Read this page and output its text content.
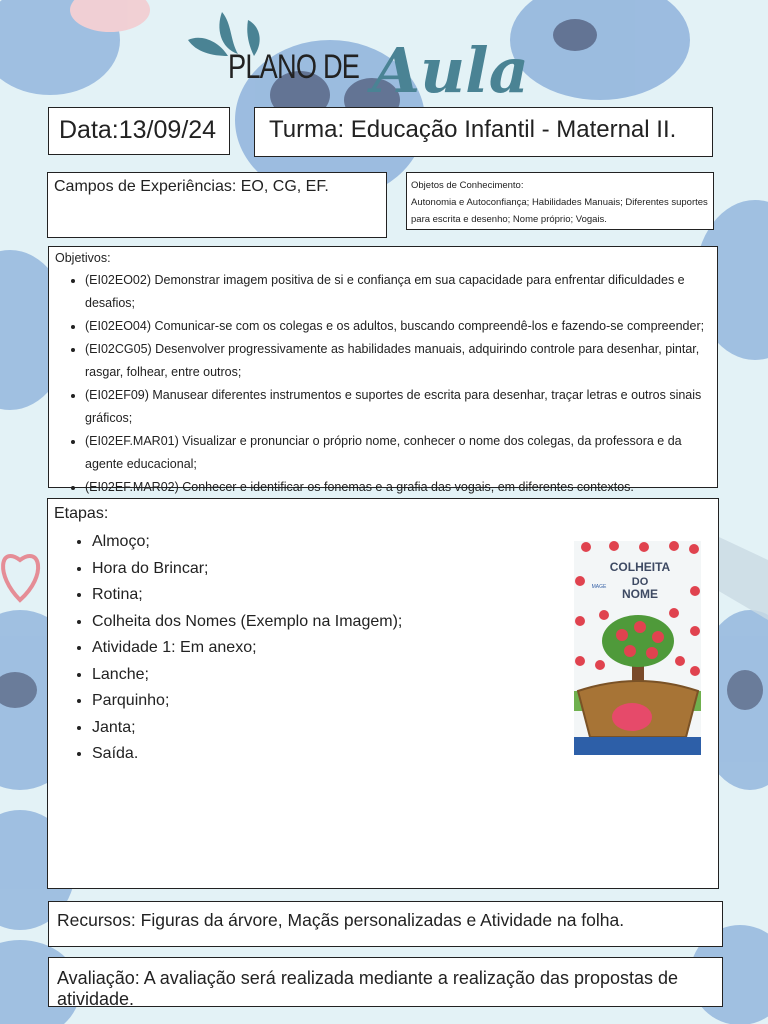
PLANO DE Aula
Data:13/09/24	Turma: Educação Infantil - Maternal II.
Campos de Experiências: EO, CG, EF.	Objetos de Conhecimento:
Autonomia e Autoconfiança; Habilidades Manuais; Diferentes suportes para escrita e desenho; Nome próprio; Vogais.
Objetivos:
• (EI02EO02) Demonstrar imagem positiva de si e confiança em sua capacidade para enfrentar dificuldades e desafios;
• (EI02EO04) Comunicar-se com os colegas e os adultos, buscando compreendê-los e fazendo-se compreender;
• (EI02CG05) Desenvolver progressivamente as habilidades manuais, adquirindo controle para desenhar, pintar, rasgar, folhear, entre outros;
• (EI02EF09) Manusear diferentes instrumentos e suportes de escrita para desenhar, traçar letras e outros sinais gráficos;
• (EI02EF.MAR01) Visualizar e pronunciar o próprio nome, conhecer o nome dos colegas, da professora e da agente educacional;
• (EI02EF.MAR02) Conhecer e identificar os fonemas e a grafia das vogais, em diferentes contextos.
Etapas:
• Almoço;
• Hora do Brincar;
• Rotina;
• Colheita dos Nomes (Exemplo na Imagem);
• Atividade 1: Em anexo;
• Lanche;
• Parquinho;
• Janta;
• Saída.
COLHEITA
DO
NOME
MAGE
Recursos: Figuras da árvore, Maçãs personalizadas e Atividade na folha.
Avaliação: A avaliação será realizada mediante a realização das propostas de atividade.
